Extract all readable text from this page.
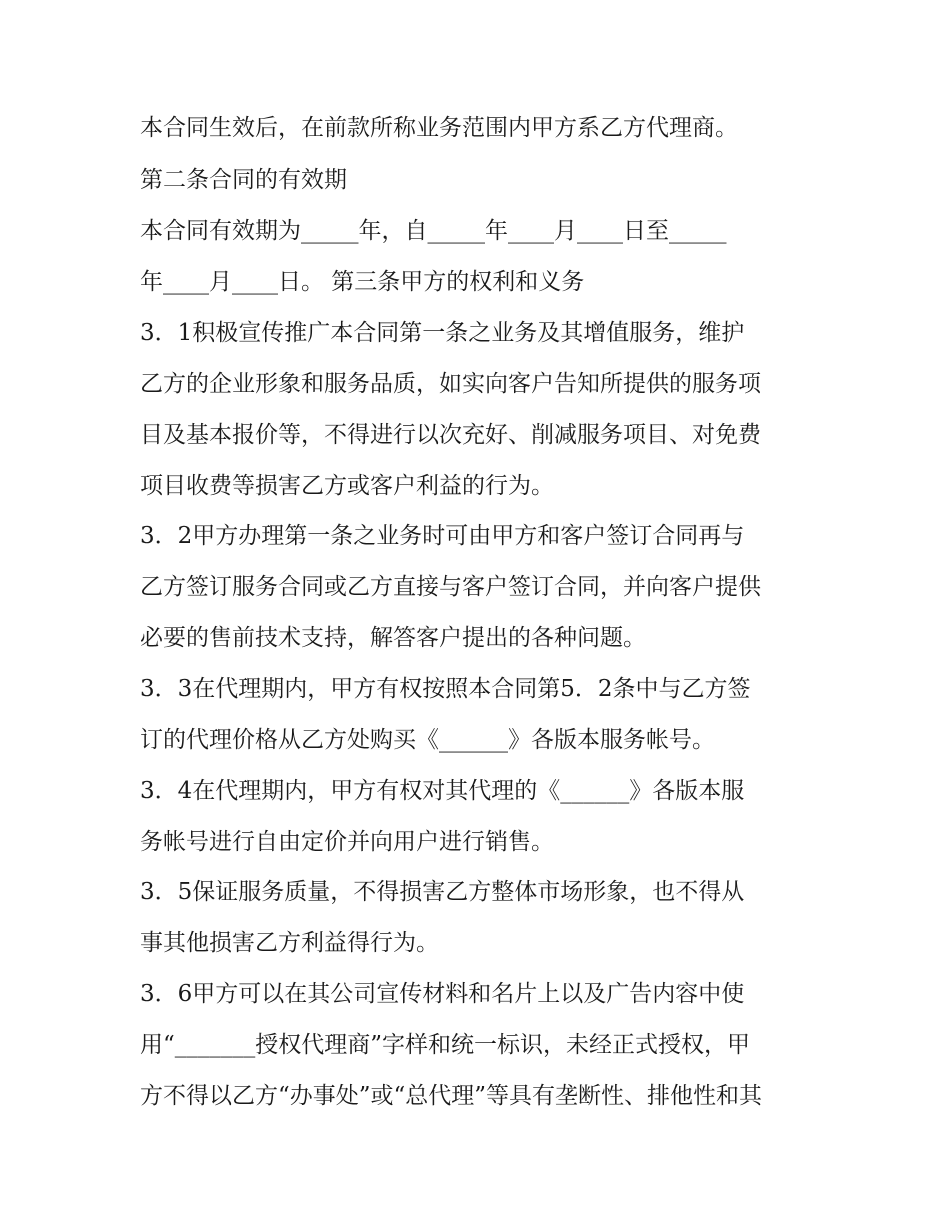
本合同生效后，在前款所称业务范围内甲方系乙方代理商。

第二条合同的有效期

本合同有效期为_____年，自_____年____月____日至_____

年____月____日。 第三条甲方的权利和义务

3．1积极宣传推广本合同第一条之业务及其增值服务，维护

乙方的企业形象和服务品质，如实向客户告知所提供的服务项

目及基本报价等，不得进行以次充好、削减服务项目、对免费

项目收费等损害乙方或客户利益的行为。

3．2甲方办理第一条之业务时可由甲方和客户签订合同再与

乙方签订服务合同或乙方直接与客户签订合同，并向客户提供

必要的售前技术支持，解答客户提出的各种问题。

3．3在代理期内，甲方有权按照本合同第5．2条中与乙方签

订的代理价格从乙方处购买《______》各版本服务帐号。

3．4在代理期内，甲方有权对其代理的《______》各版本服

务帐号进行自由定价并向用户进行销售。

3．5保证服务质量，不得损害乙方整体市场形象，也不得从

事其他损害乙方利益得行为。

3．6甲方可以在其公司宣传材料和名片上以及广告内容中使

用“_______授权代理商”字样和统一标识，未经正式授权，甲

方不得以乙方“办事处”或“总代理”等具有垄断性、排他性和其
